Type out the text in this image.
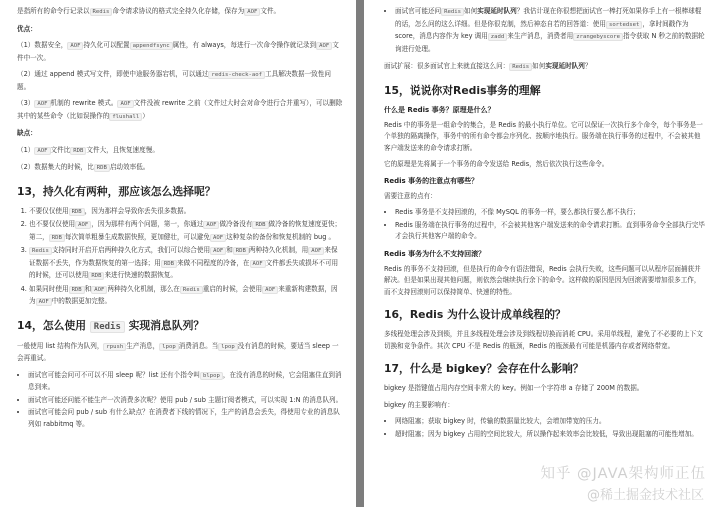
是指所有的命令行记录以 Redis 命令请求协议的格式完全持久化存储，保存为 AOF 文件。

优点：

（1）数据安全， AOF 持久化可以配置 appendfsync 属性，有 always，每进行一次命令操作就记录到 AOF 文件中一次。

（2）通过 append 模式写文件，即使中途服务器宕机，可以通过 redis-check-aof 工具解决数据一致性问题。

（3） AOF 机制的 rewrite 模式。 AOF 文件没被 rewrite 之前（文件过大时会对命令进行合并重写），可以删除其中的某些命令（比如误操作的 flushall ）

缺点：

（1） AOF 文件比 RDB 文件大，且恢复速度慢。

（2）数据集大的时候，比 RDB 启动效率低。

13，持久化有两种，那应该怎么选择呢？
1. 不要仅仅使用 RDB ，因为那样会导致你丢失很多数据。
2. 也不要仅仅使用 AOF ，因为那样有两个问题，第一，你通过 AOF 做冷备没有 RDB 做冷备的恢复速度更快；第二， RDB 每次简单粗暴生成数据快照，更加健壮，可以避免 AOF 这种复杂的备份和恢复机制的 bug 。
3. Redis 支持同时开启开启两种持久化方式，我们可以综合使用 AOF 和 RDB 两种持久化机制，用 AOF 来保证数据不丢失，作为数据恢复的第一选择；用 RDB 来做不同程度的冷备，在 AOF 文件都丢失或损坏不可用的时候，还可以使用 RDB 来进行快速的数据恢复。
4. 如果同时使用 RDB 和 AOF 两种持久化机制，那么在 Redis 重启的时候，会使用 AOF 来重新构建数据，因为 AOF 中的数据更加完整。
14，怎么使用 Redis 实现消息队列？

一般使用 list 结构作为队列， rpush 生产消息， lpop 消费消息。当 lpop 没有消息的时候，要适当 sleep 一会再重试。

• 面试官可能会问可不可以不用 sleep 呢？list 还有个指令叫 blpop ，在没有消息的时候，它会阻塞住直到消息到来。
• 面试官可能还问能不能生产一次消费多次呢？使用 pub / sub 主题订阅者模式，可以实现 1:N 的消息队列。
• 面试官可能会问 pub / sub 有什么缺点？在消费者下线的情况下，生产的消息会丢失，得使用专业的消息队列如 rabbitmq 等。
• 面试官可能还问 Redis 如何实现延时队列？我估计现在你很想把面试官一棒打死如果你手上有一根棒球棍的话，怎么问的这么详细。但是你很克制，然后神态自若的回答道：使用 sortedset ，拿时间戳作为 score，消息内容作为 key 调用 zadd 来生产消息，消费者用 zrangebyscore 指令获取 N 秒之前的数据轮询进行处理。

面试扩展：很多面试官上来就直接这么问： Redis 如何实现延时队列？

15，说说你对Redis事务的理解
什么是 Redis 事务？原理是什么？

Redis 中的事务是一组命令的集合，是 Redis 的最小执行单位。它可以保证一次执行多个命令，每个事务是一个单独的隔离操作，事务中的所有命令都会序列化、按顺序地执行。服务端在执行事务的过程中，不会被其他客户端发送来的命令请求打断。

它的原理是先将属于一个事务的命令发送给 Redis，然后依次执行这些命令。

Redis 事务的注意点有哪些？

需要注意的点有：

• Redis 事务是不支持回滚的，不像 MySQL 的事务一样，要么都执行要么都不执行；
• Redis 服务端在执行事务的过程中，不会被其他客户端发送来的命令请求打断。直到事务命令全部执行完毕才会执行其他客户端的命令。
Redis 事务为什么不支持回滚？

Redis 的事务不支持回滚，但是执行的命令有语法错误，Redis 会执行失败，这些问题可以从程序层面捕获并解决。但是如果出现其他问题，则依然会继续执行余下的命令。这样做的原因是因为回滚需要增加很多工作，而不支持回滚则可以保持简单、快速的特性。

16，Redis 为什么设计成单线程的？

多线程处理会涉及到锁，并且多线程处理会涉及到线程切换而消耗 CPU。采用单线程，避免了不必要的上下文切换和竞争条件。其次 CPU 不是 Redis 的瓶颈，Redis 的瓶颈最有可能是机器内存或者网络带宽。

17，什么是 bigkey？会存在什么影响？

bigkey 是指键值占用内存空间非常大的 key。例如一个字符串 a 存储了 200M 的数据。

bigkey 的主要影响有：

• 网络阻塞；获取 bigkey 时，传输的数据量比较大，会增加带宽的压力。
• 超时阻塞；因为 bigkey 占用的空间比较大，所以操作起来效率会比较低，导致出现阻塞的可能性增加。
知乎 @JAVA架构师正伍
@稀土掘金技术社区
